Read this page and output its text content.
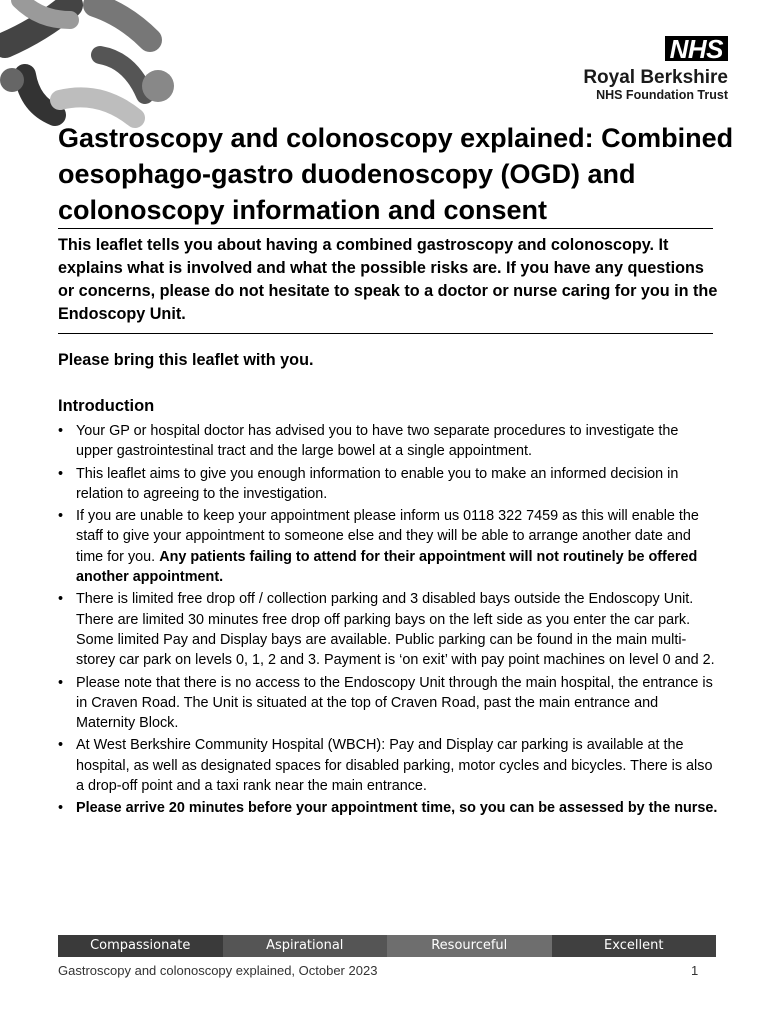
NHS
Royal Berkshire
NHS Foundation Trust
Gastroscopy and colonoscopy explained: Combined oesophago-gastro duodenoscopy (OGD) and colonoscopy information and consent

This leaflet tells you about having a combined gastroscopy and colonoscopy. It explains what is involved and what the possible risks are. If you have any questions or concerns, please do not hesitate to speak to a doctor or nurse caring for you in the Endoscopy Unit.

Please bring this leaflet with you.

Introduction
• Your GP or hospital doctor has advised you to have two separate procedures to investigate the upper gastrointestinal tract and the large bowel at a single appointment.
• This leaflet aims to give you enough information to enable you to make an informed decision in relation to agreeing to the investigation.
• If you are unable to keep your appointment please inform us 0118 322 7459 as this will enable the staff to give your appointment to someone else and they will be able to arrange another date and time for you. Any patients failing to attend for their appointment will not routinely be offered another appointment.
• There is limited free drop off / collection parking and 3 disabled bays outside the Endoscopy Unit. There are limited 30 minutes free drop off parking bays on the left side as you enter the car park. Some limited Pay and Display bays are available. Public parking can be found in the main multi-storey car park on levels 0, 1, 2 and 3. Payment is ‘on exit’ with pay point machines on level 0 and 2.
• Please note that there is no access to the Endoscopy Unit through the main hospital, the entrance is in Craven Road. The Unit is situated at the top of Craven Road, past the main entrance and Maternity Block.
• At West Berkshire Community Hospital (WBCH): Pay and Display car parking is available at the hospital, as well as designated spaces for disabled parking, motor cycles and bicycles. There is also a drop-off point and a taxi rank near the main entrance.
• Please arrive 20 minutes before your appointment time, so you can be assessed by the nurse.
Compassionate	Aspirational	Resourceful	Excellent
Gastroscopy and colonoscopy explained, October 2023	1
